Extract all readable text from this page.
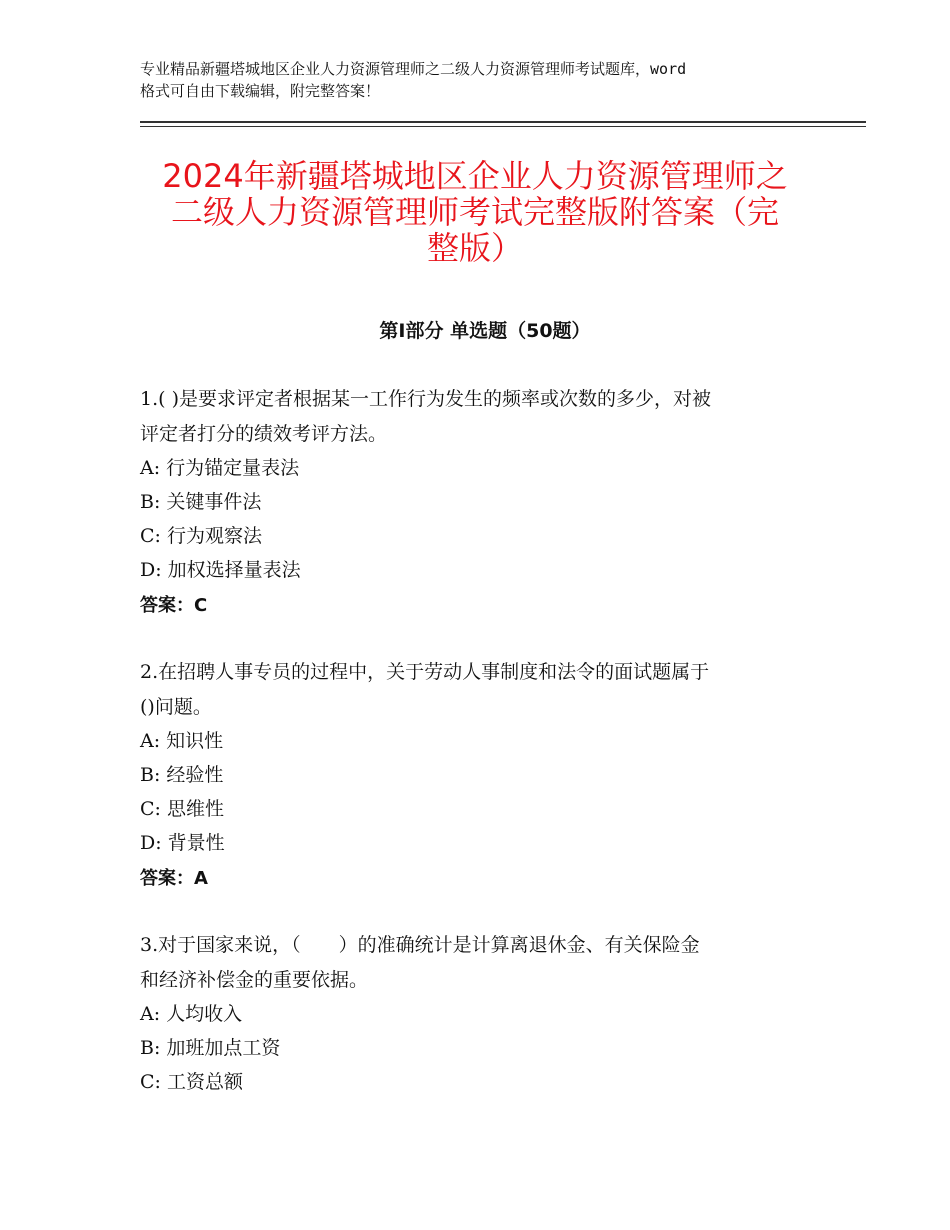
专业精品新疆塔城地区企业人力资源管理师之二级人力资源管理师考试题库，word
格式可自由下载编辑，附完整答案！
2024年新疆塔城地区企业人力资源管理师之
二级人力资源管理师考试完整版附答案（完
整版）
第Ⅰ部分 单选题（50题）
1.( )是要求评定者根据某一工作行为发生的频率或次数的多少，对被
评定者打分的绩效考评方法。
A: 行为锚定量表法
B: 关键事件法
C: 行为观察法
D: 加权选择量表法
答案：C
2.在招聘人事专员的过程中，关于劳动人事制度和法令的面试题属于
()问题。
A: 知识性
B: 经验性
C: 思维性
D: 背景性
答案：A
3.对于国家来说，（　　）的准确统计是计算离退休金、有关保险金
和经济补偿金的重要依据。
A: 人均收入
B: 加班加点工资
C: 工资总额
